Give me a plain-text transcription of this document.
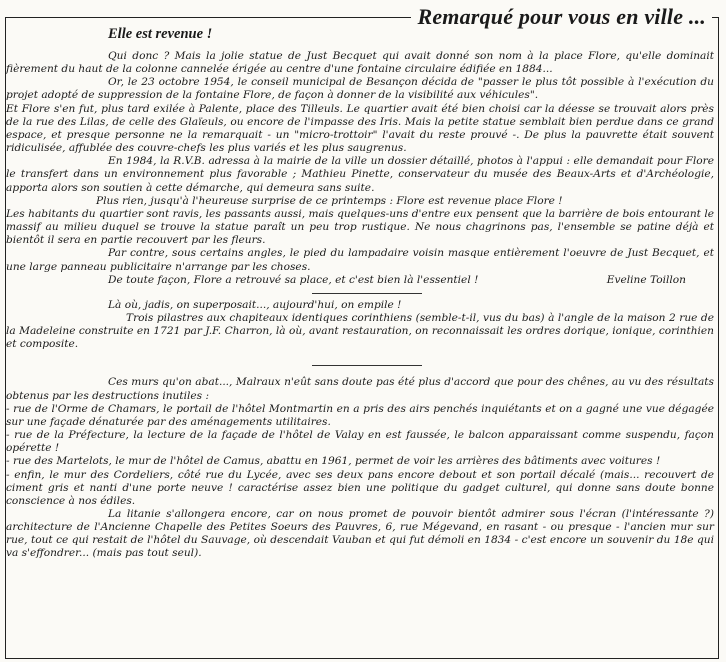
Remarqué pour vous en ville ...
Elle est revenue !

Qui donc ? Mais la jolie statue de Just Becquet qui avait donné son nom à la place Flore, qu'elle dominait fièrement du haut de la colonne cannelée érigée au centre d'une fontaine circulaire édifiée en 1884...

Or, le 23 octobre 1954, le conseil municipal de Besançon décida de "passer le plus tôt possible à l'exécution du projet adopté de suppression de la fontaine Flore, de façon à donner de la visibilité aux véhicules".

Et Flore s'en fut, plus tard exilée à Palente, place des Tilleuls. Le quartier avait été bien choisi car la déesse se trouvait alors près de la rue des Lilas, de celle des Glaïeuls, ou encore de l'impasse des Iris. Mais la petite statue semblait bien perdue dans ce grand espace, et presque personne ne la remarquait - un "micro-trottoir" l'avait du reste prouvé -. De plus la pauvrette était souvent ridiculisée, affublée des couvre-chefs les plus variés et les plus saugrenus.

En 1984, la R.V.B. adressa à la mairie de la ville un dossier détaillé, photos à l'appui : elle demandait pour Flore le transfert dans un environnement plus favorable ; Mathieu Pinette, conservateur du musée des Beaux-Arts et d'Archéologie, apporta alors son soutien à cette démarche, qui demeura sans suite.

Plus rien, jusqu'à l'heureuse surprise de ce printemps : Flore est revenue place Flore !

Les habitants du quartier sont ravis, les passants aussi, mais quelques-uns d'entre eux pensent que la barrière de bois entourant le massif au milieu duquel se trouve la statue paraît un peu trop rustique. Ne nous chagrinons pas, l'ensemble se patine déjà et bientôt il sera en partie recouvert par les fleurs.

Par contre, sous certains angles, le pied du lampadaire voisin masque entièrement l'oeuvre de Just Becquet, et une large panneau publicitaire n'arrange par les choses.

De toute façon, Flore a retrouvé sa place, et c'est bien là l'essentiel !	Eveline Toillon

Là où, jadis, on superposait..., aujourd'hui, on empile !

Trois pilastres aux chapiteaux identiques corinthiens (semble-t-il, vus du bas) à l'angle de la maison 2 rue de la Madeleine construite en 1721 par J.F. Charron, là où, avant restauration, on reconnaissait les ordres dorique, ionique, corinthien et composite.

Ces murs qu'on abat..., Malraux n'eût sans doute pas été plus d'accord que pour des chênes, au vu des résultats obtenus par les destructions inutiles :

- rue de l'Orme de Chamars, le portail de l'hôtel Montmartin en a pris des airs penchés inquiétants et on a gagné une vue dégagée sur une façade dénaturée par des aménagements utilitaires.

- rue de la Préfecture, la lecture de la façade de l'hôtel de Valay en est faussée, le balcon apparaissant comme suspendu, façon opérette !

- rue des Martelots, le mur de l'hôtel de Camus, abattu en 1961, permet de voir les arrières des bâtiments avec voitures !

- enfin, le mur des Cordeliers, côté rue du Lycée, avec ses deux pans encore debout et son portail décalé (mais... recouvert de ciment gris et nanti d'une porte neuve ! caractérise assez bien une politique du gadget culturel, qui donne sans doute bonne conscience à nos édiles.

La litanie s'allongera encore, car on nous promet de pouvoir bientôt admirer sous l'écran (l'intéressante ?) architecture de l'Ancienne Chapelle des Petites Soeurs des Pauvres, 6, rue Mégevand, en rasant - ou presque - l'ancien mur sur rue, tout ce qui restait de l'hôtel du Sauvage, où descendait Vauban et qui fut démoli en 1834 - c'est encore un souvenir du 18e qui va s'effondrer... (mais pas tout seul).
